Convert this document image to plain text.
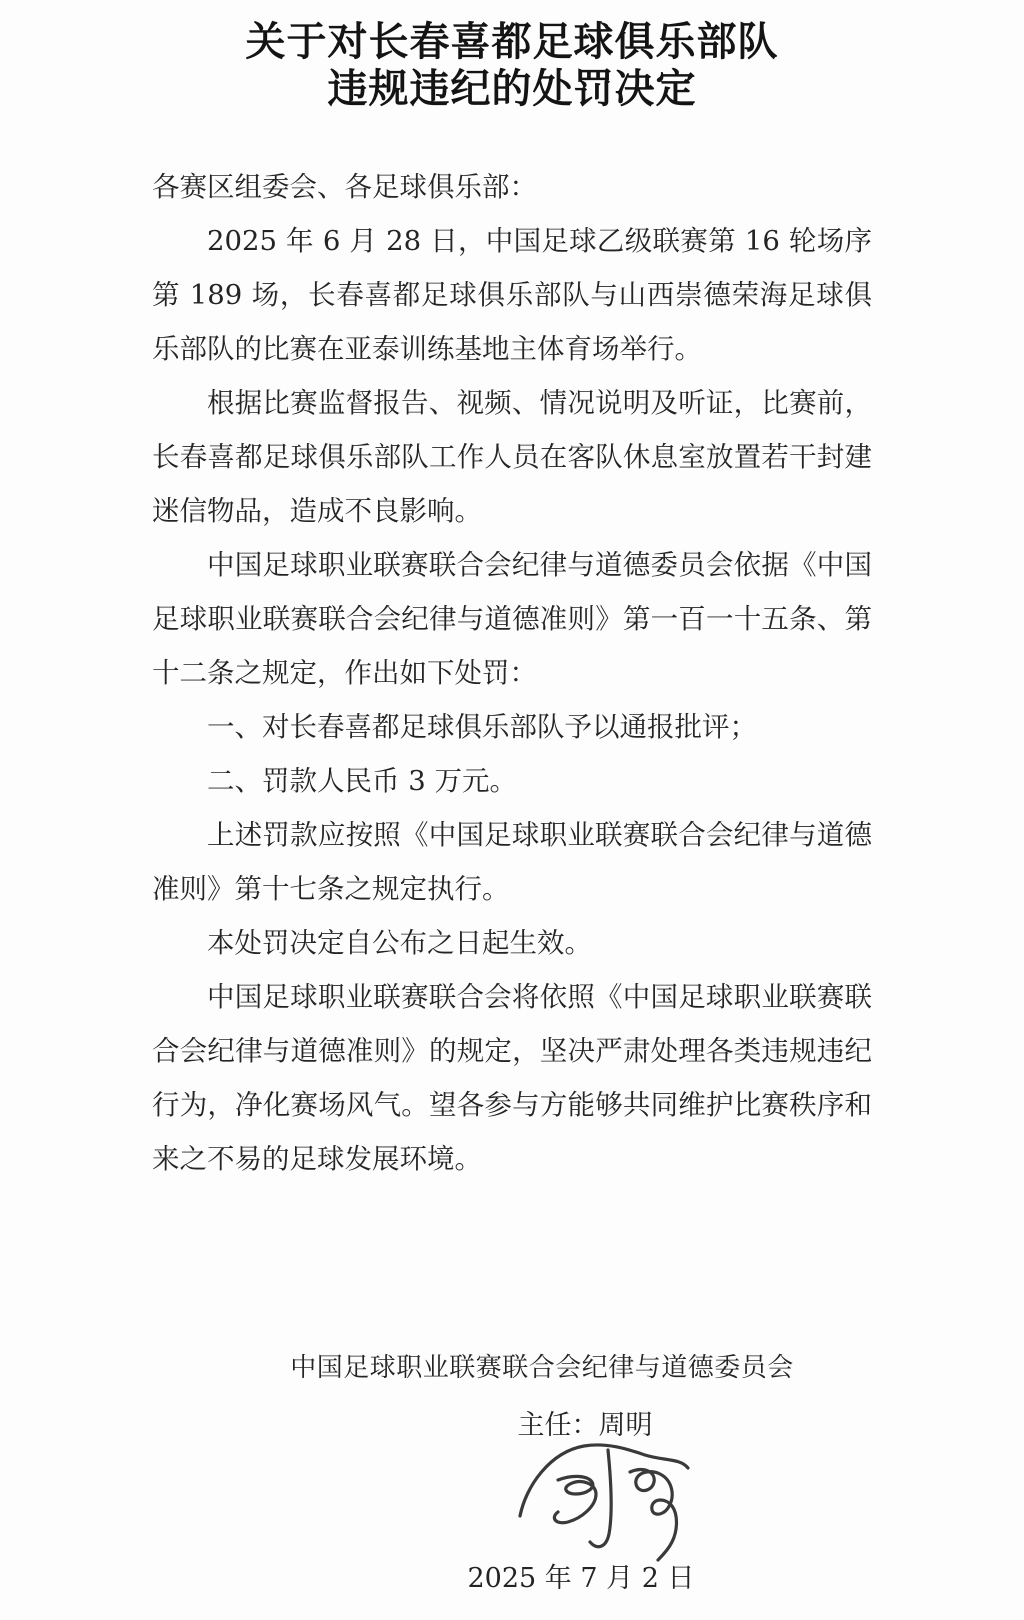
关于对长春喜都足球俱乐部队
违规违纪的处罚决定

各赛区组委会、各足球俱乐部：

2025 年 6 月 28 日，中国足球乙级联赛第 16 轮场序第 189 场，长春喜都足球俱乐部队与山西崇德荣海足球俱乐部队的比赛在亚泰训练基地主体育场举行。

根据比赛监督报告、视频、情况说明及听证，比赛前，长春喜都足球俱乐部队工作人员在客队休息室放置若干封建迷信物品，造成不良影响。

中国足球职业联赛联合会纪律与道德委员会依据《中国足球职业联赛联合会纪律与道德准则》第一百一十五条、第十二条之规定，作出如下处罚：

一、对长春喜都足球俱乐部队予以通报批评；

二、罚款人民币 3 万元。

上述罚款应按照《中国足球职业联赛联合会纪律与道德准则》第十七条之规定执行。

本处罚决定自公布之日起生效。

中国足球职业联赛联合会将依照《中国足球职业联赛联合会纪律与道德准则》的规定，坚决严肃处理各类违规违纪行为，净化赛场风气。望各参与方能够共同维护比赛秩序和来之不易的足球发展环境。

中国足球职业联赛联合会纪律与道德委员会
主任：周明
2025 年 7 月 2 日
